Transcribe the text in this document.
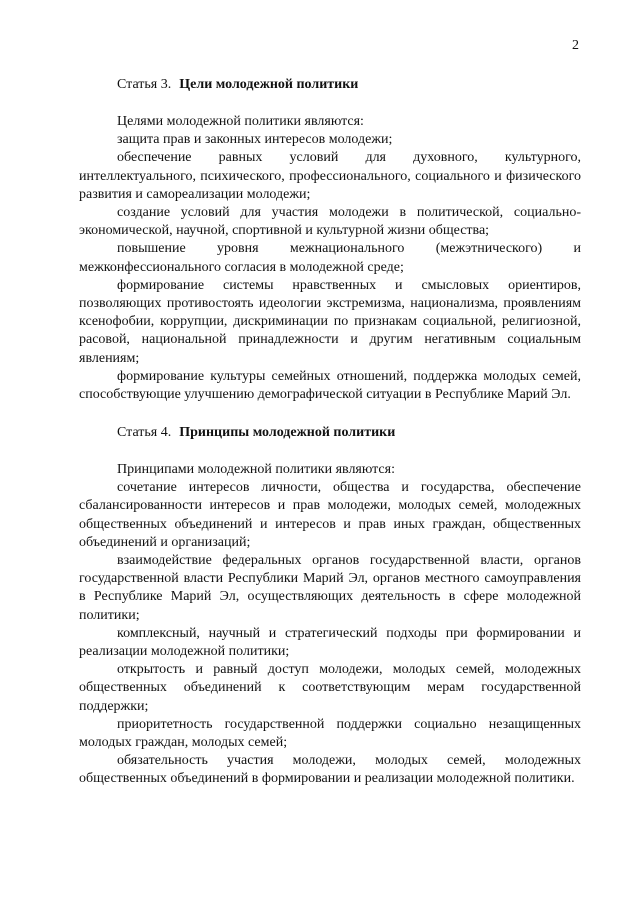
2
Статья 3. Цели молодежной политики

Целями молодежной политики являются:

защита прав и законных интересов молодежи;

обеспечение равных условий для духовного, культурного, интеллектуального, психического, профессионального, социального и физического развития и самореализации молодежи;

создание условий для участия молодежи в политической, социально-экономической, научной, спортивной и культурной жизни общества;

повышение уровня межнационального (межэтнического) и межконфессионального согласия в молодежной среде;

формирование системы нравственных и смысловых ориентиров, позволяющих противостоять идеологии экстремизма, национализма, проявлениям ксенофобии, коррупции, дискриминации по признакам социальной, религиозной, расовой, национальной принадлежности и другим негативным социальным явлениям;

формирование культуры семейных отношений, поддержка молодых семей, способствующие улучшению демографической ситуации в Республике Марий Эл.

Статья 4. Принципы молодежной политики

Принципами молодежной политики являются:

сочетание интересов личности, общества и государства, обеспечение сбалансированности интересов и прав молодежи, молодых семей, молодежных общественных объединений и интересов и прав иных граждан, общественных объединений и организаций;

взаимодействие федеральных органов государственной власти, органов государственной власти Республики Марий Эл, органов местного самоуправления в Республике Марий Эл, осуществляющих деятельность в сфере молодежной политики;

комплексный, научный и стратегический подходы при формировании и реализации молодежной политики;

открытость и равный доступ молодежи, молодых семей, молодежных общественных объединений к соответствующим мерам государственной поддержки;

приоритетность государственной поддержки социально незащищенных молодых граждан, молодых семей;

обязательность участия молодежи, молодых семей, молодежных общественных объединений в формировании и реализации молодежной политики.
